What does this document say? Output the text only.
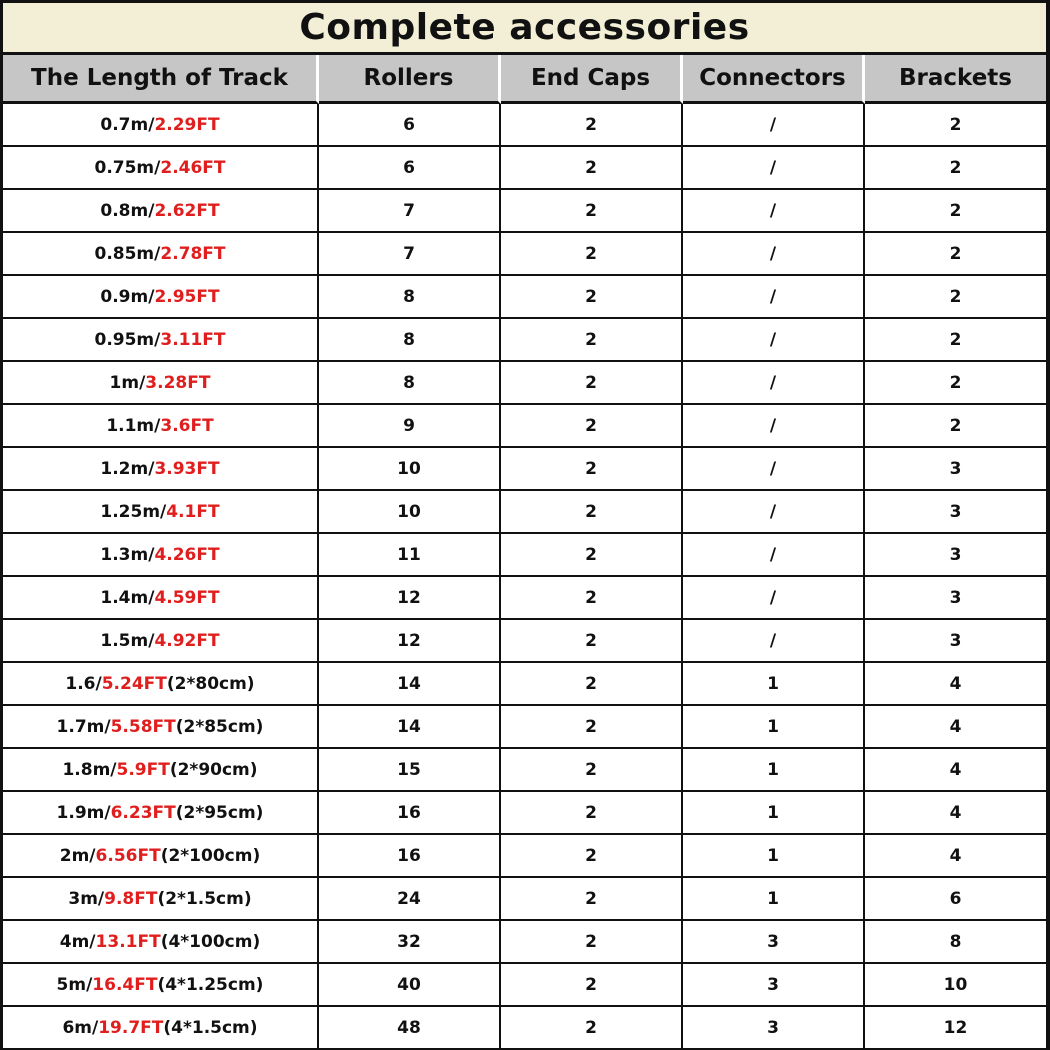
Complete accessories
The Length of Track	Rollers	End Caps	Connectors	Brackets
0.7m/2.29FT	6	2	/	2
0.75m/2.46FT	6	2	/	2
0.8m/2.62FT	7	2	/	2
0.85m/2.78FT	7	2	/	2
0.9m/2.95FT	8	2	/	2
0.95m/3.11FT	8	2	/	2
1m/3.28FT	8	2	/	2
1.1m/3.6FT	9	2	/	2
1.2m/3.93FT	10	2	/	3
1.25m/4.1FT	10	2	/	3
1.3m/4.26FT	11	2	/	3
1.4m/4.59FT	12	2	/	3
1.5m/4.92FT	12	2	/	3
1.6/5.24FT(2*80cm)	14	2	1	4
1.7m/5.58FT(2*85cm)	14	2	1	4
1.8m/5.9FT(2*90cm)	15	2	1	4
1.9m/6.23FT(2*95cm)	16	2	1	4
2m/6.56FT(2*100cm)	16	2	1	4
3m/9.8FT(2*1.5cm)	24	2	1	6
4m/13.1FT(4*100cm)	32	2	3	8
5m/16.4FT(4*1.25cm)	40	2	3	10
6m/19.7FT(4*1.5cm)	48	2	3	12
